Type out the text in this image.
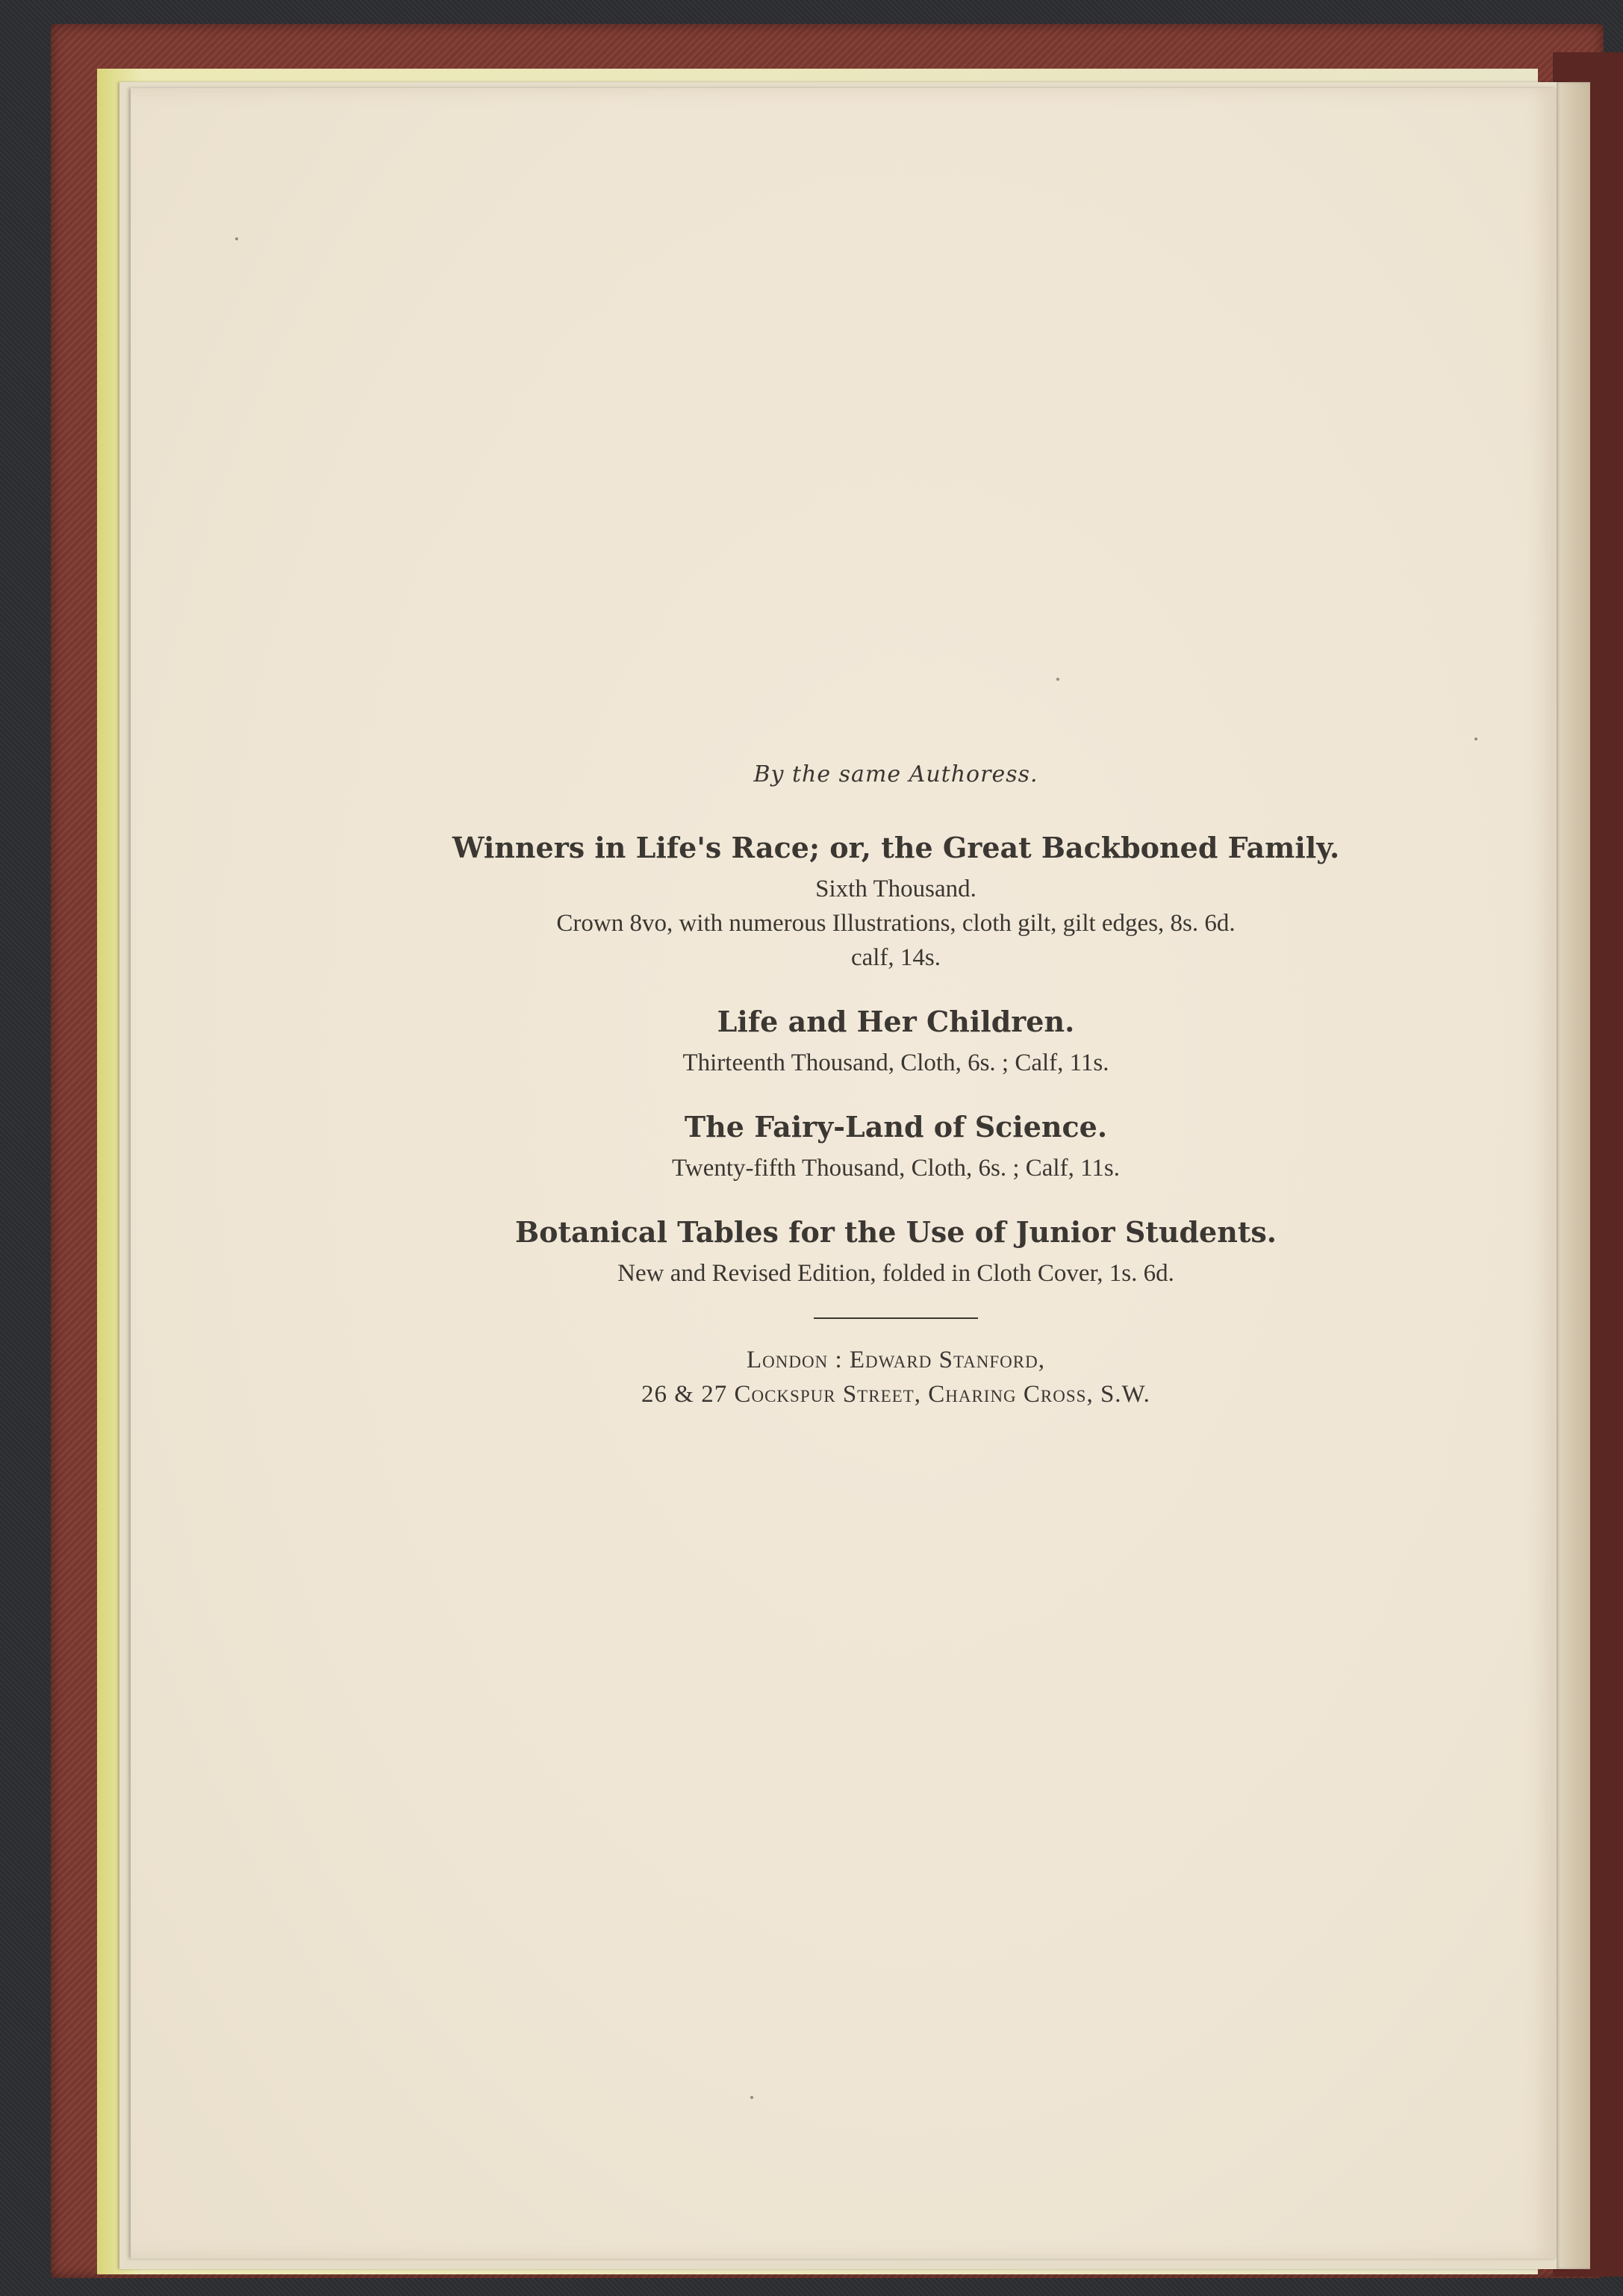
By the same Authoress.

Winners in Life's Race; or, the Great Backboned Family.

Sixth Thousand.

Crown 8vo, with numerous Illustrations, cloth gilt, gilt edges, 8s. 6d.

calf, 14s.

Life and Her Children.

Thirteenth Thousand, Cloth, 6s. ; Calf, 11s.

The Fairy-Land of Science.

Twenty-fifth Thousand, Cloth, 6s. ; Calf, 11s.

Botanical Tables for the Use of Junior Students.

New and Revised Edition, folded in Cloth Cover, 1s. 6d.

London : Edward Stanford,

26 & 27 Cockspur Street, Charing Cross, S.W.
